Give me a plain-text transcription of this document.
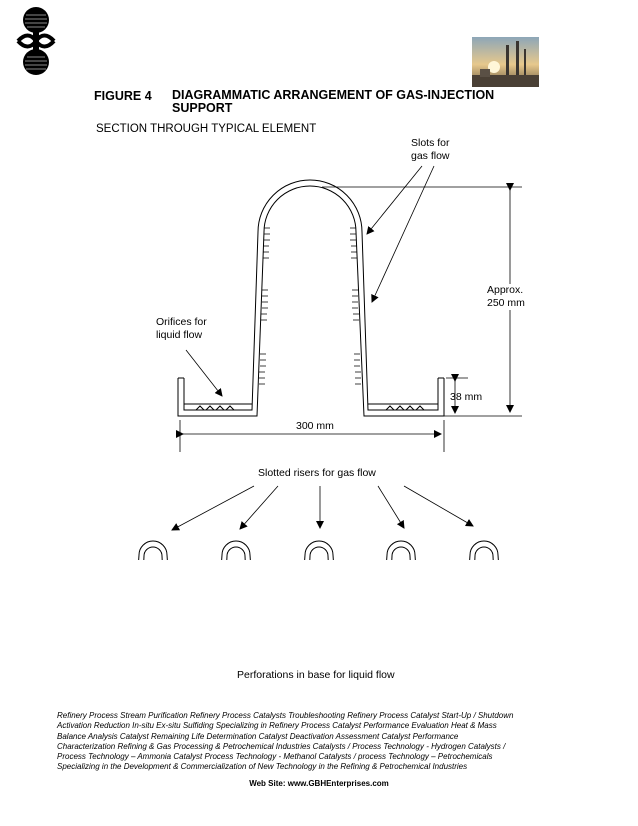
FIGURE 4 DIAGRAMMATIC ARRANGEMENT OF GAS-INJECTION SUPPORT
SECTION THROUGH TYPICAL ELEMENT
Slots for
gas flow
Orifices for
liquid flow
Approx.
250 mm
38 mm
300 mm
Slotted risers for gas flow
Perforations in base for liquid flow
Refinery Process Stream Purification Refinery Process Catalysts Troubleshooting Refinery Process Catalyst Start-Up / Shutdown
Activation Reduction In-situ Ex-situ Sulfiding Specializing in Refinery Process Catalyst Performance Evaluation Heat & Mass
Balance Analysis Catalyst Remaining Life Determination Catalyst Deactivation Assessment Catalyst Performance
Characterization Refining & Gas Processing & Petrochemical Industries Catalysts / Process Technology - Hydrogen Catalysts /
Process Technology – Ammonia Catalyst Process Technology - Methanol Catalysts / process Technology – Petrochemicals
Specializing in the Development & Commercialization of New Technology in the Refining & Petrochemical Industries
Web Site: www.GBHEnterprises.com
